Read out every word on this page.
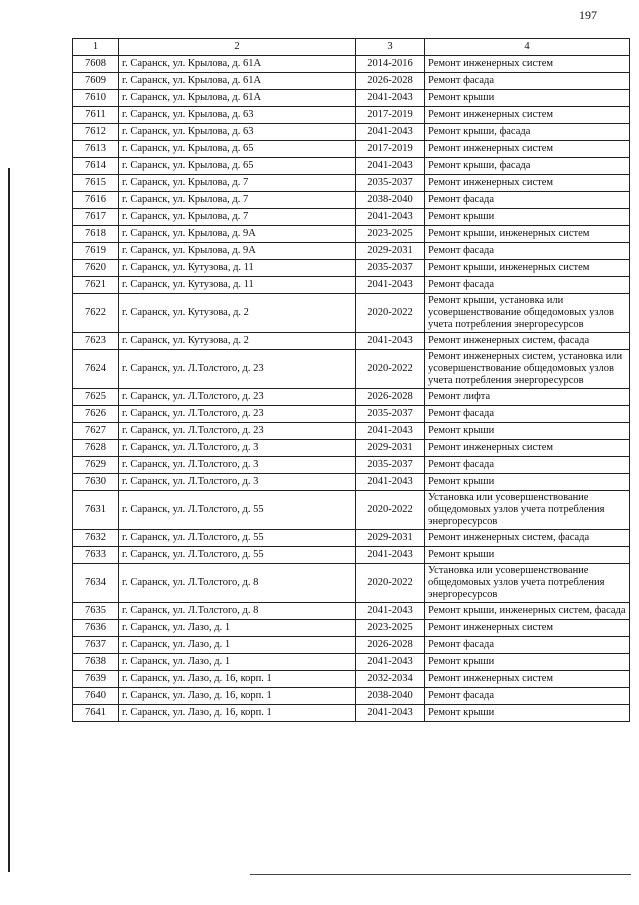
197
1	2	3	4
7608	г. Саранск, ул. Крылова, д. 61А	2014-2016	Ремонт инженерных систем
7609	г. Саранск, ул. Крылова, д. 61А	2026-2028	Ремонт фасада
7610	г. Саранск, ул. Крылова, д. 61А	2041-2043	Ремонт крыши
7611	г. Саранск, ул. Крылова, д. 63	2017-2019	Ремонт инженерных систем
7612	г. Саранск, ул. Крылова, д. 63	2041-2043	Ремонт крыши, фасада
7613	г. Саранск, ул. Крылова, д. 65	2017-2019	Ремонт инженерных систем
7614	г. Саранск, ул. Крылова, д. 65	2041-2043	Ремонт крыши, фасада
7615	г. Саранск, ул. Крылова, д. 7	2035-2037	Ремонт инженерных систем
7616	г. Саранск, ул. Крылова, д. 7	2038-2040	Ремонт фасада
7617	г. Саранск, ул. Крылова, д. 7	2041-2043	Ремонт крыши
7618	г. Саранск, ул. Крылова, д. 9А	2023-2025	Ремонт крыши, инженерных систем
7619	г. Саранск, ул. Крылова, д. 9А	2029-2031	Ремонт фасада
7620	г. Саранск, ул. Кутузова, д. 11	2035-2037	Ремонт крыши, инженерных систем
7621	г. Саранск, ул. Кутузова, д. 11	2041-2043	Ремонт фасада
7622	г. Саранск, ул. Кутузова, д. 2	2020-2022	Ремонт крыши, установка или усовершенствование общедомовых узлов учета потребления энергоресурсов
7623	г. Саранск, ул. Кутузова, д. 2	2041-2043	Ремонт инженерных систем, фасада
7624	г. Саранск, ул. Л.Толстого, д. 23	2020-2022	Ремонт инженерных систем, установка или усовершенствование общедомовых узлов учета потребления энергоресурсов
7625	г. Саранск, ул. Л.Толстого, д. 23	2026-2028	Ремонт лифта
7626	г. Саранск, ул. Л.Толстого, д. 23	2035-2037	Ремонт фасада
7627	г. Саранск, ул. Л.Толстого, д. 23	2041-2043	Ремонт крыши
7628	г. Саранск, ул. Л.Толстого, д. 3	2029-2031	Ремонт инженерных систем
7629	г. Саранск, ул. Л.Толстого, д. 3	2035-2037	Ремонт фасада
7630	г. Саранск, ул. Л.Толстого, д. 3	2041-2043	Ремонт крыши
7631	г. Саранск, ул. Л.Толстого, д. 55	2020-2022	Установка или усовершенствование общедомовых узлов учета потребления энергоресурсов
7632	г. Саранск, ул. Л.Толстого, д. 55	2029-2031	Ремонт инженерных систем, фасада
7633	г. Саранск, ул. Л.Толстого, д. 55	2041-2043	Ремонт крыши
7634	г. Саранск, ул. Л.Толстого, д. 8	2020-2022	Установка или усовершенствование общедомовых узлов учета потребления энергоресурсов
7635	г. Саранск, ул. Л.Толстого, д. 8	2041-2043	Ремонт крыши, инженерных систем, фасада
7636	г. Саранск, ул. Лазо, д. 1	2023-2025	Ремонт инженерных систем
7637	г. Саранск, ул. Лазо, д. 1	2026-2028	Ремонт фасада
7638	г. Саранск, ул. Лазо, д. 1	2041-2043	Ремонт крыши
7639	г. Саранск, ул. Лазо, д. 16, корп. 1	2032-2034	Ремонт инженерных систем
7640	г. Саранск, ул. Лазо, д. 16, корп. 1	2038-2040	Ремонт фасада
7641	г. Саранск, ул. Лазо, д. 16, корп. 1	2041-2043	Ремонт крыши
